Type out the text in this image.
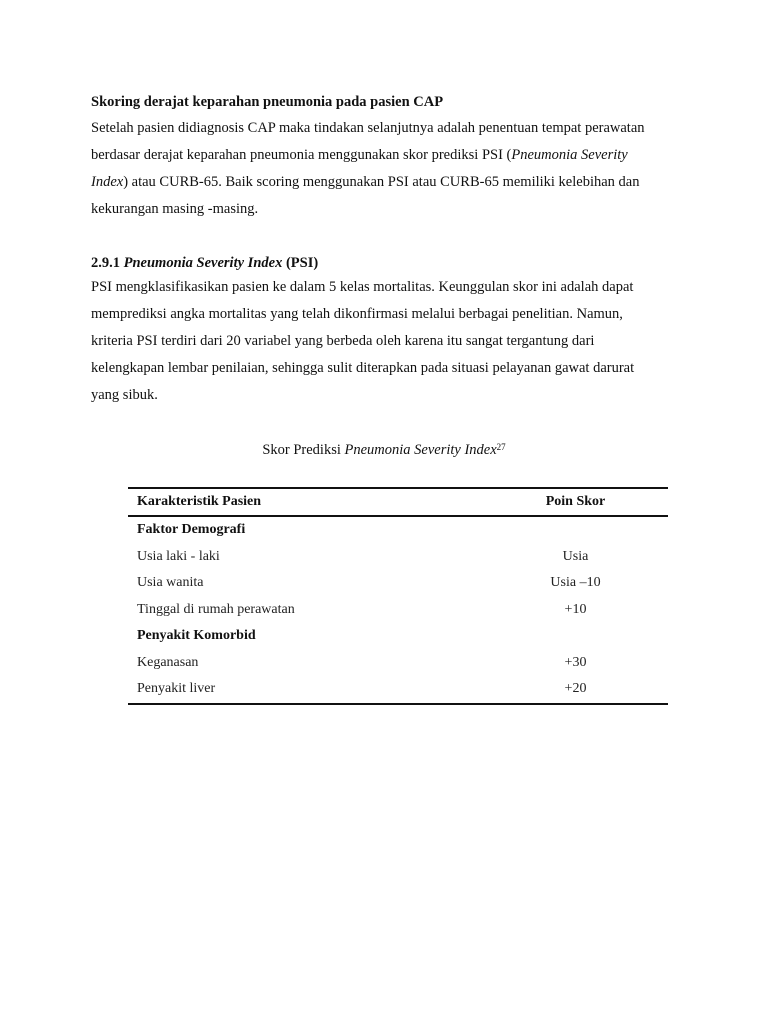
Skoring derajat keparahan pneumonia pada pasien CAP
Setelah pasien didiagnosis CAP maka tindakan selanjutnya adalah penentuan tempat perawatan
berdasar derajat keparahan pneumonia menggunakan skor prediksi PSI (Pneumonia Severity
Index) atau CURB-65. Baik scoring menggunakan PSI atau CURB-65 memiliki kelebihan dan
kekurangan masing -masing.
2.9.1 Pneumonia Severity Index (PSI)
PSI mengklasifikasikan pasien ke dalam 5 kelas mortalitas. Keunggulan skor ini adalah dapat
memprediksi angka mortalitas yang telah dikonfirmasi melalui berbagai penelitian. Namun,
kriteria PSI terdiri dari 20 variabel yang berbeda oleh karena itu sangat tergantung dari
kelengkapan lembar penilaian, sehingga sulit diterapkan pada situasi pelayanan gawat darurat
yang sibuk.
Skor Prediksi Pneumonia Severity Index$^{27}$
Karakteristik Pasien	Poin Skor
Faktor Demografi	
Usia laki - laki	Usia
Usia wanita	Usia –10
Tinggal di rumah perawatan	+10
Penyakit Komorbid	
Keganasan	+30
Penyakit liver	+20
